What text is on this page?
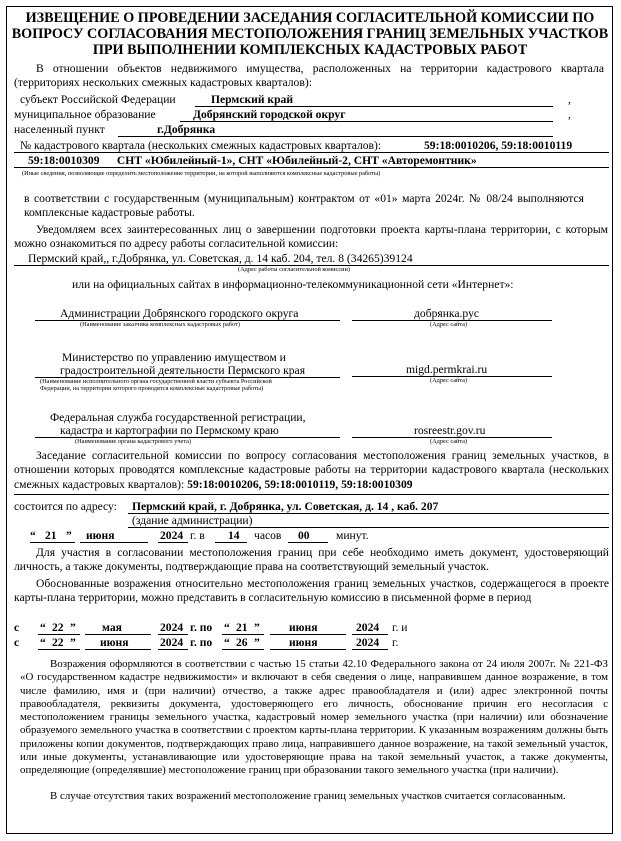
ИЗВЕЩЕНИЕ О ПРОВЕДЕНИИ ЗАСЕДАНИЯ СОГЛАСИТЕЛЬНОЙ КОМИССИИ ПО ВОПРОСУ СОГЛАСОВАНИЯ МЕСТОПОЛОЖЕНИЯ ГРАНИЦ ЗЕМЕЛЬНЫХ УЧАСТКОВ ПРИ ВЫПОЛНЕНИИ КОМПЛЕКСНЫХ КАДАСТРОВЫХ РАБОТ
В отношении объектов недвижимого имущества, расположенных на территории кадастрового квартала (территориях нескольких смежных кадастровых кварталов):
субъект Российской Федерации	Пермский край	,
муниципальное образование	Добрянский городской округ	,
населенный пункт	г.Добрянка
№ кадастрового квартала (нескольких смежных кадастровых кварталов):	59:18:0010206, 59:18:0010119
59:18:0010309      СНТ «Юбилейный-1», СНТ «Юбилейный-2, СНТ «Авторемонтник»
(Иные сведения, позволяющие определить местоположение территории, на которой выполняются комплексные кадастровые работы)
в соответствии с государственным (муниципальным) контрактом от «01» марта 2024г. № 08/24 выполняются комплексные кадастровые работы.
Уведомляем всех заинтересованных лиц о завершении подготовки проекта карты-плана территории, с которым можно ознакомиться по адресу работы согласительной комиссии:
Пермский край,, г.Добрянка, ул. Советская, д. 14 каб. 204, тел. 8 (34265)39124
(Адрес работы согласительной комиссии)
или на официальных сайтах в информационно-телекоммуникационной сети «Интернет»:
Администрации Добрянского городского округа
(Наименование заказчика комплексных кадастровых работ)
добрянка.рус
(Адрес сайта)
Министерство по управлению имуществом и
градостроительной деятельности Пермского края
(Наименование исполнительного органа государственной власти субъекта Российской
Федерации, на территории которого проводятся комплексные кадастровые работы)
migd.permkrai.ru
(Адрес сайта)
Федеральная служба государственной регистрации,
кадастра и картографии по Пермскому краю
(Наименование органа кадастрового учета)
rosreestr.gov.ru
(Адрес сайта)
Заседание согласительной комиссии по вопросу согласования местоположения границ земельных участков, в отношении которых проводятся комплексные кадастровые работы на территории кадастрового квартала (нескольких смежных кадастровых кварталов): 59:18:0010206, 59:18:0010119, 59:18:0010309
состоится по адресу: Пермский край, г. Добрянка, ул. Советская, д. 14 , каб. 207
(здание администрации)
“ 21 ” июня	2024 г. в 14 часов 00 минут.
Для участия в согласовании местоположения границ при себе необходимо иметь документ, удостоверяющий личность, а также документы, подтверждающие права на соответствующий земельный участок.
Обоснованные возражения относительно местоположения границ земельных участков, содержащегося в проекте карты-плана территории, можно представить в согласительную комиссию в письменной форме в период
с “ 22 ” мая	2024 г. по “ 21 ”	июня	2024 г. и
с “ 22 ” июня	2024 г. по “ 26 ”	июня	2024 г.
Возражения оформляются в соответствии с частью 15 статьи 42.10 Федерального закона от 24 июля 2007г. № 221-ФЗ «О государственном кадастре недвижимости» и включают в себя сведения о лице, направившем данное возражение, в том числе фамилию, имя и (при наличии) отчество, а также адрес правообладателя и (или) адрес электронной почты правообладателя, реквизиты документа, удостоверяющего его личность, обоснование причин его несогласия с местоположением границы земельного участка, кадастровый номер земельного участка (при наличии) или обозначение образуемого земельного участка в соответствии с проектом карты-плана территории. К указанным возражениям должны быть приложены копии документов, подтверждающих право лица, направившего данное возражение, на такой земельный участок, или иные документы, устанавливающие или удостоверяющие права на такой земельный участок, а также документы, определяющие (определявшие) местоположение границ при образовании такого земельного участка (при наличии).
В случае отсутствия таких возражений местоположение границ земельных участков считается согласованным.
